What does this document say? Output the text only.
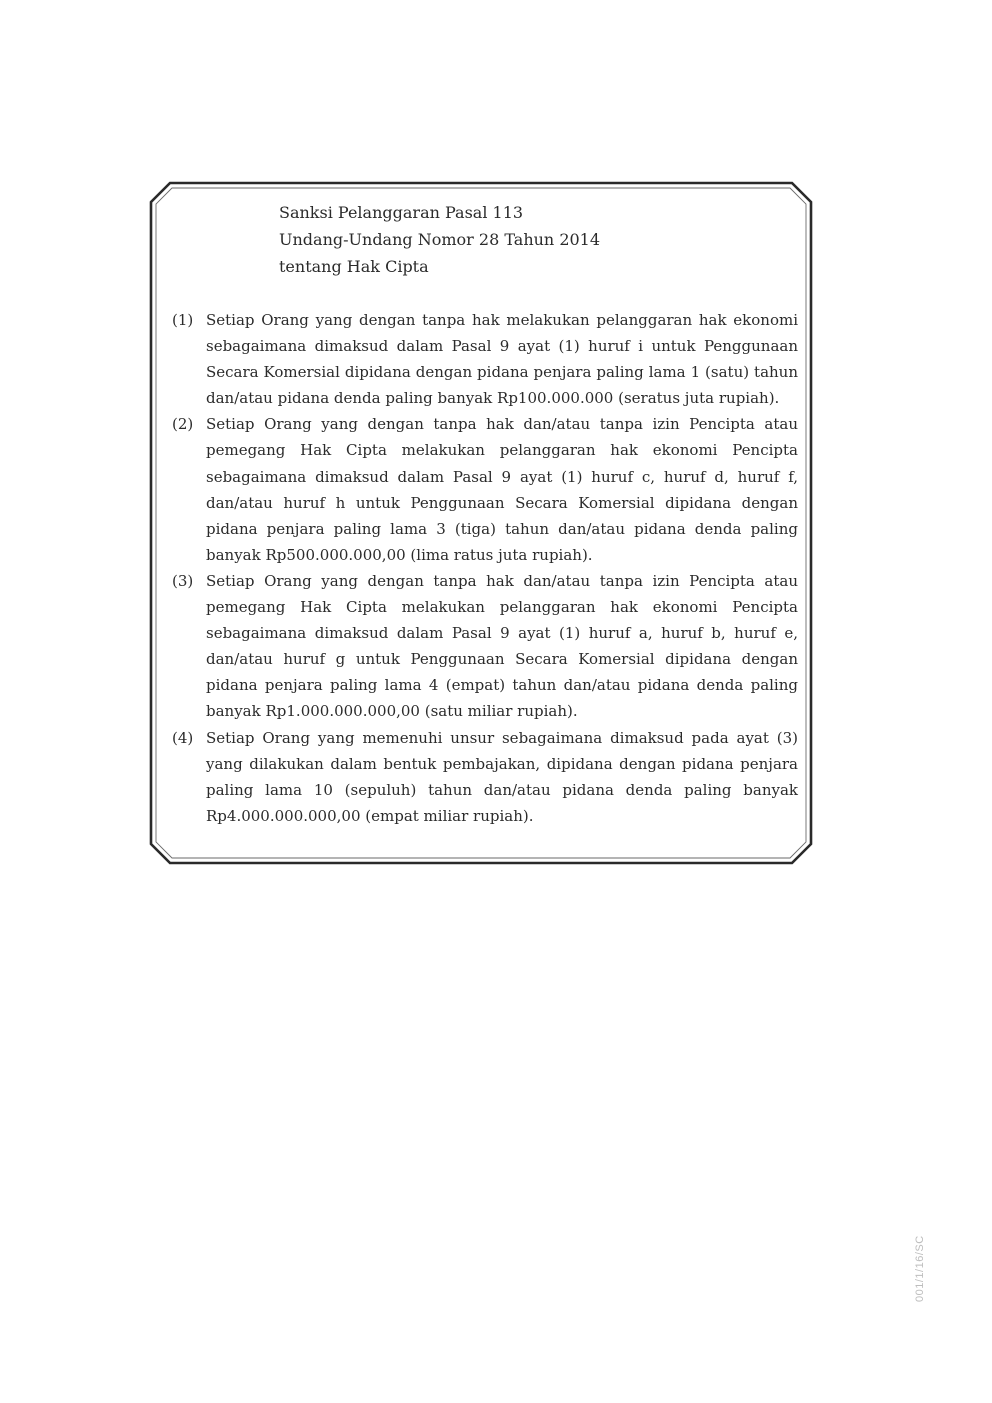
Sanksi Pelanggaran Pasal 113
Undang-Undang Nomor 28 Tahun 2014
tentang Hak Cipta
(1) Setiap Orang yang dengan tanpa hak melakukan pelanggaran hak ekonomi sebagaimana dimaksud dalam Pasal 9 ayat (1) huruf i untuk Penggunaan Secara Komersial dipidana dengan pidana penjara paling lama 1 (satu) tahun dan/atau pidana denda paling banyak Rp100.000.000 (seratus juta rupiah).
(2) Setiap Orang yang dengan tanpa hak dan/atau tanpa izin Pencipta atau pemegang Hak Cipta melakukan pelanggaran hak ekonomi Pencipta sebagaimana dimaksud dalam Pasal 9 ayat (1) huruf c, huruf d, huruf f, dan/atau huruf h untuk Penggunaan Secara Komersial dipidana dengan pidana penjara paling lama 3 (tiga) tahun dan/atau pidana denda paling banyak Rp500.000.000,00 (lima ratus juta rupiah).
(3) Setiap Orang yang dengan tanpa hak dan/atau tanpa izin Pencipta atau pemegang Hak Cipta melakukan pelanggaran hak ekonomi Pencipta sebagaimana dimaksud dalam Pasal 9 ayat (1) huruf a, huruf b, huruf e, dan/atau huruf g untuk Penggunaan Secara Komersial dipidana dengan pidana penjara paling lama 4 (empat) tahun dan/atau pidana denda paling banyak Rp1.000.000.000,00 (satu miliar rupiah).
(4) Setiap Orang yang memenuhi unsur sebagaimana dimaksud pada ayat (3) yang dilakukan dalam bentuk pembajakan, dipidana dengan pidana penjara paling lama 10 (sepuluh) tahun dan/atau pidana denda paling banyak Rp4.000.000.000,00 (empat miliar rupiah).
001/1/16/SC
